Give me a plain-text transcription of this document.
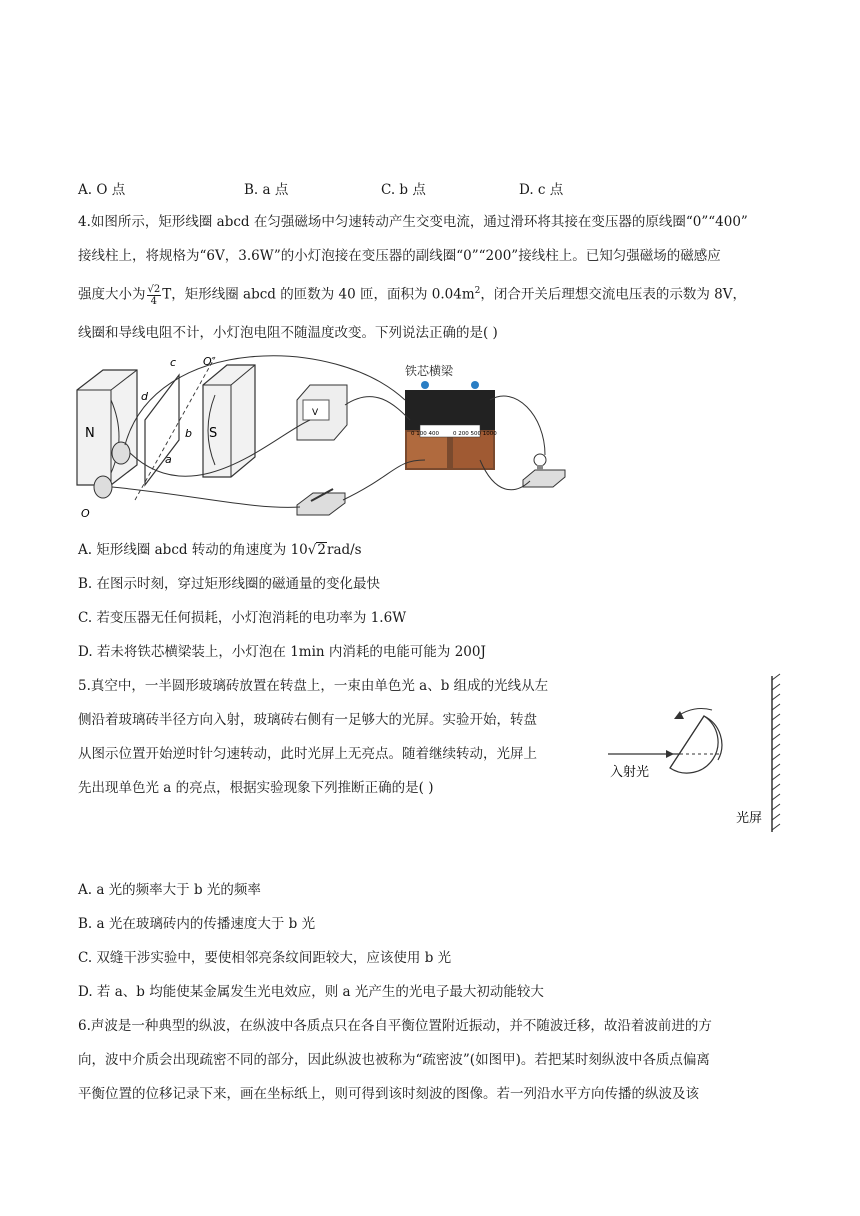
A. O 点	B. a 点	C. b 点	D. c 点
4.如图所示，矩形线圈 abcd 在匀强磁场中匀速转动产生交变电流，通过滑环将其接在变压器的原线圈“0”“400”
接线柱上，将规格为“6V，3.6W”的小灯泡接在变压器的副线圈“0”“200”接线柱上。已知匀强磁场的磁感应
强度大小为 $\frac{√2}{4}$ T，矩形线圈 abcd 的匝数为 40 匝，面积为 $0.04m^2$，闭合开关后理想交流电压表的示数为 8V，
线圈和导线电阻不计，小灯泡电阻不随温度改变。下列说法正确的是( )
N	S
d
c
b
a
O′
O
V
0 100 400	0 200 500 1000
铁芯横梁
A. 矩形线圈 abcd 转动的角速度为 10√2rad/s
B. 在图示时刻，穿过矩形线圈的磁通量的变化最快
C. 若变压器无任何损耗，小灯泡消耗的电功率为 1.6W
D. 若未将铁芯横梁装上，小灯泡在 1min 内消耗的电能可能为 200J
5.真空中，一半圆形玻璃砖放置在转盘上，一束由单色光 a、b 组成的光线从左
侧沿着玻璃砖半径方向入射，玻璃砖右侧有一足够大的光屏。实验开始，转盘
从图示位置开始逆时针匀速转动，此时光屏上无亮点。随着继续转动，光屏上
先出现单色光 a 的亮点，根据实验现象下列推断正确的是( )
入射光
光屏
A. a 光的频率大于 b 光的频率
B. a 光在玻璃砖内的传播速度大于 b 光
C. 双缝干涉实验中，要使相邻亮条纹间距较大，应该使用 b 光
D. 若 a、b 均能使某金属发生光电效应，则 a 光产生的光电子最大初动能较大
6.声波是一种典型的纵波，在纵波中各质点只在各自平衡位置附近振动，并不随波迁移，故沿着波前进的方
向，波中介质会出现疏密不同的部分，因此纵波也被称为“疏密波”(如图甲)。若把某时刻纵波中各质点偏离
平衡位置的位移记录下来，画在坐标纸上，则可得到该时刻波的图像。若一列沿水平方向传播的纵波及该
